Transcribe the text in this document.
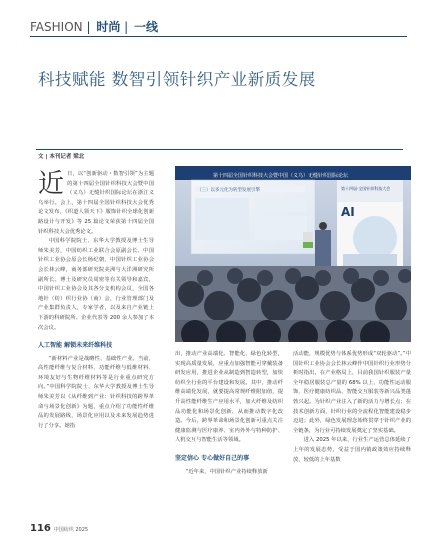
FASHION | 时尚 | 一线
科技赋能 数智引领针织产业新质发展
文 | 本刊记者 梁北
第十四届全国针织科技大会暨中国（义乌）无缝针织国际论坛
（三）以多元化为转型发展引擎	第十四届·全国针织科技大会
AI
近 日，以“创新驱动・数智引领”为主题的第十四届全国针织科技大会暨中国（义乌）无缝针织国际论坛在浙江义乌举行。会上，第十四届全国针织科技大会优秀论文发布，《织道人领天下》服饰针织全球化创新路设计与开发》等 25 篇论文荣获第十四届全国针织科技大会优秀论文。

中国科学院院士、东华大学教授及博士生导师朱美芳，中国纺织工业联合会原副会长、中国针织工业协会原会长杨纪朝，中国针织工业协会会长林云峰，商务部研究院美洲与大洋洲研究所副所长、博士及研究员周密等有关领导和嘉宾，中国针织工业协会及其各分支机构会员，全国各地针（纺）织行业协（商）会，行业管理部门及产业集群负责人，专家学者，以及来自产业链上下游的科研院所、企业代表等 200 余人参加了本次会议。

人工智能 解锁未来纤维科技

“新材料产业是战略性、基础性产业。当前，高性能纤维与复合材料、功能纤维与低维材料、环境友好与生物纤维材料等是行业重点研究方向。”中国科学院院士、东华大学教授及博士生导师朱美芳以《从纤维到产业：针织科技的跨界革命与场景化创新》为题，重点介绍了功能性纤维品的发展路线，场景化应用以及未来发展趋势进行了分享。她指

出，推动产业高端化、智能化、绿色化转型，实现高质量发展，应重点加强智能可穿戴装备研发应用，推进企业从制造到智造转型，加快纺织全行业的平台建设和发展。其中，推动纤维高端化发展，就要提高常规纤维附加值，提升高性能纤维生产应用水平，加大纤维及纺织品功能化和场景化创新，从而推动数字化改造。今后，跨界革命和场景化创新可重点关注健康监测与医疗康养、室内外外与特种防护、人机交互与智能生活等领域。

坚定信心 专心做好自己的事

“近年来，中国针织产业持续释放新

活动能，规模优势与体系优势形成“双轮驱动”。”中国针织工业协会会长林云峰作中国针织行业形势分析时指出，在产业格局上，目前我国针织服装产量全年稳居服装总产量的 68% 以上，功能性运动服饰、医疗健康纺织品、智能交互服装等新兴品类蓬勃兴起。为针织产业注入了新的活力与增长点；在技术创新方面，针织行业的全流程化智能建设稳步迈进；此外，绿色发展理念始终贯穿于针织产业的全链条，为行业可持续发展奠定了坚实基础。

进入 2025 年以来，行业生产运营总体延续了上年的发展态势，受益于国内销政策效应持续释放，较低的上年基数

116 中国纺织 2025
